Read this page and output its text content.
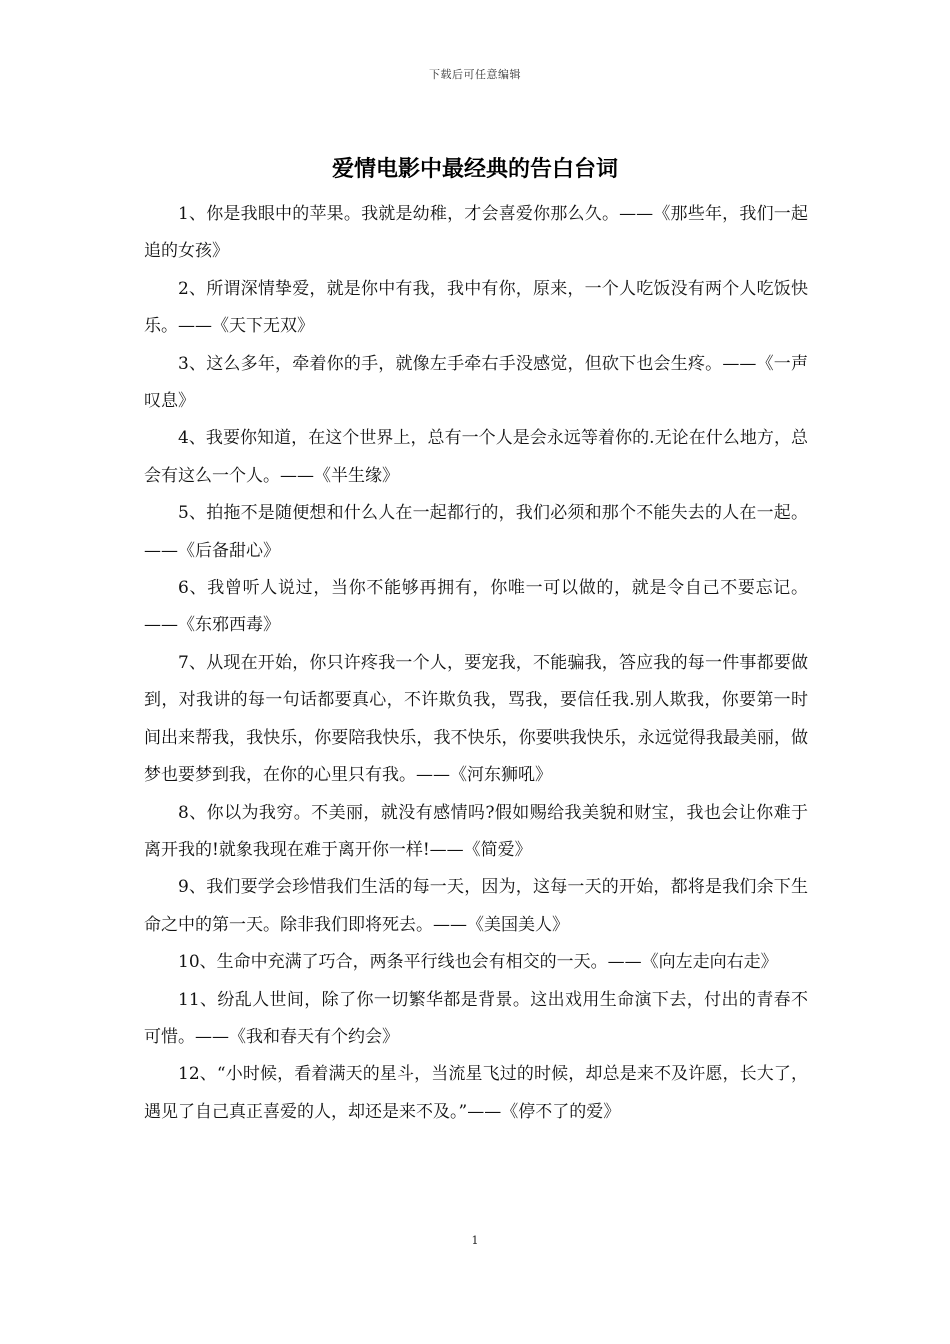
下载后可任意编辑
爱情电影中最经典的告白台词

1、你是我眼中的苹果。我就是幼稚，才会喜爱你那么久。——《那些年，我们一起追的女孩》

2、所谓深情挚爱，就是你中有我，我中有你，原来，一个人吃饭没有两个人吃饭快乐。——《天下无双》

3、这么多年，牵着你的手，就像左手牵右手没感觉，但砍下也会生疼。——《一声叹息》

4、我要你知道，在这个世界上，总有一个人是会永远等着你的.无论在什么地方，总会有这么一个人。——《半生缘》

5、拍拖不是随便想和什么人在一起都行的，我们必须和那个不能失去的人在一起。——《后备甜心》

6、我曾听人说过，当你不能够再拥有，你唯一可以做的，就是令自己不要忘记。——《东邪西毒》

7、从现在开始，你只许疼我一个人，要宠我，不能骗我，答应我的每一件事都要做到，对我讲的每一句话都要真心，不许欺负我，骂我，要信任我.别人欺我，你要第一时间出来帮我，我快乐，你要陪我快乐，我不快乐，你要哄我快乐，永远觉得我最美丽，做梦也要梦到我，在你的心里只有我。——《河东狮吼》

8、你以为我穷。不美丽，就没有感情吗?假如赐给我美貌和财宝，我也会让你难于离开我的!就象我现在难于离开你一样!——《简爱》

9、我们要学会珍惜我们生活的每一天，因为，这每一天的开始，都将是我们余下生命之中的第一天。除非我们即将死去。——《美国美人》

10、生命中充满了巧合，两条平行线也会有相交的一天。——《向左走向右走》

11、纷乱人世间，除了你一切繁华都是背景。这出戏用生命演下去，付出的青春不可惜。——《我和春天有个约会》

12、“小时候，看着满天的星斗，当流星飞过的时候，却总是来不及许愿，长大了，遇见了自己真正喜爱的人，却还是来不及。”——《停不了的爱》

1
